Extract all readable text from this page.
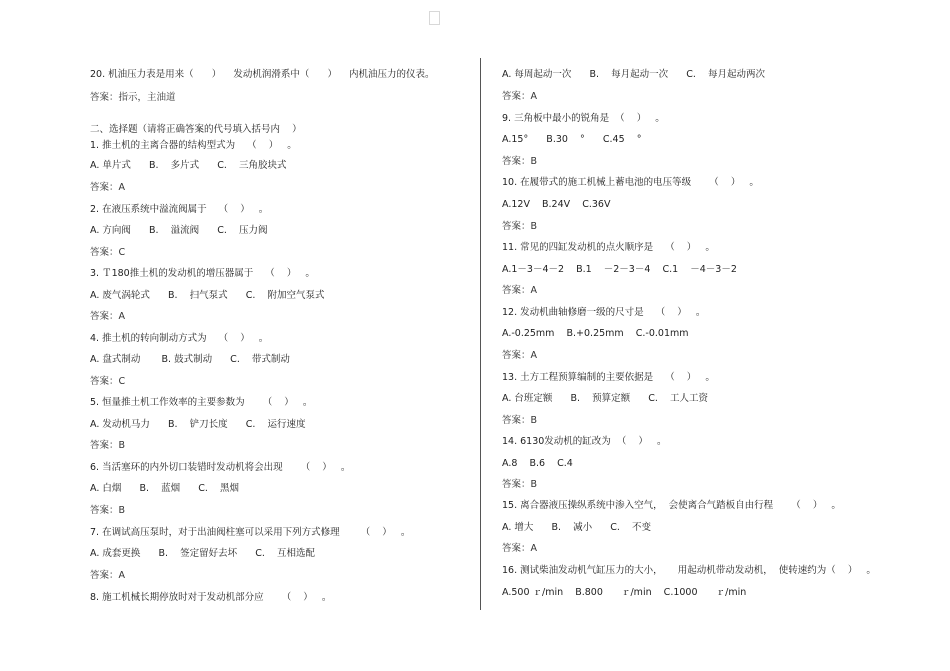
20. 机油压力表是用来（      ）    发动机润滑系中（      ）    内机油压力的仪表。
答案：指示，主油道
二、选择题（请将正确答案的代号填入括号内    ）
1. 推土机的主离合器的结构型式为    （    ）   。
A. 单片式      B.    多片式      C.    三角胶块式
答案：A
2. 在液压系统中溢流阀属于    （    ）   。
A. 方向阀      B.    溢流阀      C.    压力阀
答案：C
3. Ｔ180推土机的发动机的增压器属于    （    ）   。
A. 废气涡轮式      B.    扫气泵式      C.    附加空气泵式
答案：A
4. 推土机的转向制动方式为    （    ）   。
A. 盘式制动       B. 鼓式制动      C.    带式制动
答案：C
5. 恒量推土机工作效率的主要参数为      （    ）   。
A. 发动机马力      B.    铲刀长度      C.    运行速度
答案：B
6. 当活塞环的内外切口装错时发动机将会出现      （    ）   。
A. 白烟      B.    蓝烟      C.    黑烟
答案：B
7. 在调试高压泵时，对于出油阀柱塞可以采用下列方式修理       （    ）   。
A. 成套更换      B.    签定留好去坏      C.    互相选配
答案：A
8. 施工机械长期停放时对于发动机部分应      （    ）   。
A. 每周起动一次      B.    每月起动一次      C.    每月起动两次
答案：A
9. 三角板中最小的锐角是  （    ）   。
A.15°      B.30    °      C.45    °
答案：B
10. 在履带式的施工机械上蓄电池的电压等级      （    ）   。
A.12V    B.24V    C.36V
答案：B
11. 常见的四缸发动机的点火顺序是    （    ）   。
A.1－3－4－2    B.1    －2－3－4    C.1    －4－3－2
答案：A
12. 发动机曲轴修磨一级的尺寸是    （    ）   。
A.-0.25mm    B.+0.25mm    C.-0.01mm
答案：A
13. 土方工程预算编制的主要依据是    （    ）   。
A. 台班定额      B.    预算定额      C.    工人工资
答案：B
14. 6130发动机的缸改为  （    ）   。
A.8    B.6    C.4
答案：B
15. 离合器液压操纵系统中渗入空气，  会使离合气踏板自由行程      （    ）   。
A. 增大      B.    减小      C.    不变
答案：A
16. 测试柴油发动机气缸压力的大小，     用起动机带动发动机，  使转速约为（    ）   。
A.500 ｒ/min    B.800      ｒ/min    C.1000      ｒ/min
